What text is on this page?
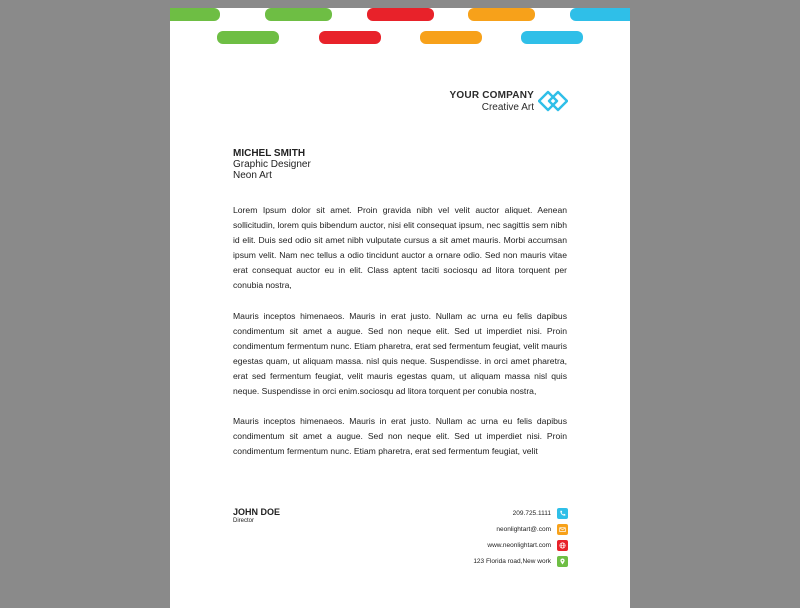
YOUR COMPANY
Creative Art
MICHEL SMITH
Graphic Designer
Neon Art

Lorem Ipsum dolor sit amet. Proin gravida nibh vel velit auctor aliquet. Aenean sollicitudin, lorem quis bibendum auctor, nisi elit consequat ipsum, nec sagittis sem nibh id elit. Duis sed odio sit amet nibh vulputate cursus a sit amet mauris. Morbi accumsan ipsum velit. Nam nec tellus a odio tincidunt auctor a ornare odio. Sed non mauris vitae erat consequat auctor eu in elit. Class aptent taciti sociosqu ad litora torquent per conubia nostra,

Mauris inceptos himenaeos. Mauris in erat justo. Nullam ac urna eu felis dapibus condimentum sit amet a augue. Sed non neque elit. Sed ut imperdiet nisi. Proin condimentum fermentum nunc. Etiam pharetra, erat sed fermentum feugiat, velit mauris egestas quam, ut aliquam massa. nisl quis neque. Suspendisse. in orci amet pharetra, erat sed fermentum feugiat, velit mauris egestas quam, ut aliquam massa nisl quis neque. Suspendisse in orci enim.sociosqu ad litora torquent per conubia nostra,

Mauris inceptos himenaeos. Mauris in erat justo. Nullam ac urna eu felis dapibus condimentum sit amet a augue. Sed non neque elit. Sed ut imperdiet nisi. Proin condimentum fermentum nunc. Etiam pharetra, erat sed fermentum feugiat, velit

JOHN DOE
Director
209.725.1111
neonlightart@.com
www.neonlightart.com
123 Florida road,New work
